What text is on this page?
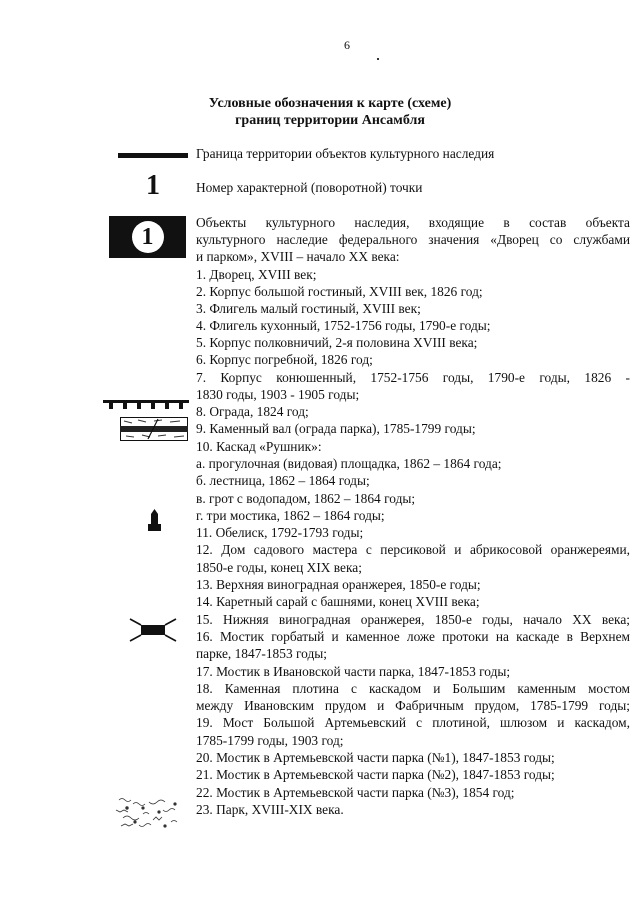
6
Условные обозначения к карте (схеме)
границ территории Ансамбля
1
1
Граница территории объектов культурного наследия
Номер характерной (поворотной) точки
Объекты культурного наследия, входящие в состав объекта
культурного наследие федерального значения «Дворец со службами
и парком», XVIII – начало XX века:
1. Дворец, XVIII век;
2. Корпус большой гостиный, XVIII век, 1826 год;
3. Флигель малый гостиный, XVIII век;
4. Флигель кухонный, 1752-1756 годы, 1790-е годы;
5. Корпус полковничий, 2-я половина XVIII века;
6. Корпус погребной, 1826 год;
7. Корпус конюшенный, 1752-1756 годы, 1790-е годы, 1826 -
1830 годы, 1903 - 1905 годы;
8. Ограда, 1824 год;
9. Каменный вал (ограда парка), 1785-1799 годы;
10. Каскад «Рушник»:
а. прогулочная (видовая) площадка, 1862 – 1864 года;
б. лестница, 1862 – 1864 годы;
в. грот с водопадом, 1862 – 1864 годы;
г. три мостика, 1862 – 1864 годы;
11. Обелиск, 1792-1793 годы;
12. Дом садового мастера с персиковой и абрикосовой оранжереями,
1850-е годы, конец XIX века;
13. Верхняя виноградная оранжерея, 1850-е годы;
14. Каретный сарай с башнями, конец XVIII века;
15. Нижняя виноградная оранжерея, 1850-е годы, начало XX века;
16. Мостик горбатый и каменное ложе протоки на каскаде в Верхнем
парке, 1847-1853 годы;
17. Мостик в Ивановской части парка, 1847-1853 годы;
18. Каменная плотина с каскадом и Большим каменным мостом
между Ивановским прудом и Фабричным прудом, 1785-1799 годы;
19. Мост Большой Артемьевский с плотиной, шлюзом и каскадом,
1785-1799 годы, 1903 год;
20. Мостик в Артемьевской части парка (№1), 1847-1853 годы;
21. Мостик в Артемьевской части парка (№2), 1847-1853 годы;
22. Мостик в Артемьевской части парка (№3), 1854 год;
23. Парк, XVIII-XIX века.
